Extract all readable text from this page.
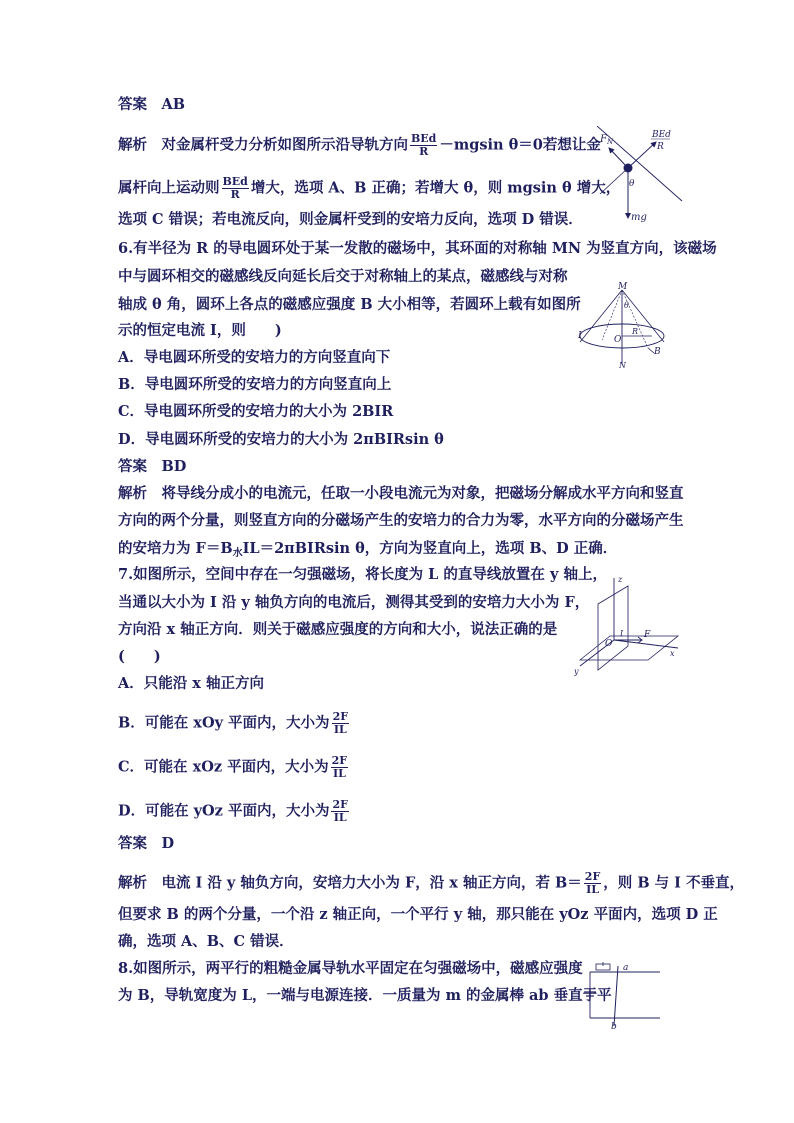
答案　AB
解析　对金属杆受力分析如图所示沿导轨方向 $\frac{\text{BEd}}{R} -mgsin$ θ＝0若想让金
属杆向上运动则 $\frac{\text{BEd}}{R}$ 增大，选项 A、B 正确；若增大 θ，则 mgsin θ 增大，
选项 C 错误；若电流反向，则金属杆受到的安培力反向，选项 D 错误．
$F_N$
BEd
R
θ
mg
6.有半径为 R 的导电圆环处于某一发散的磁场中，其环面的对称轴 MN 为竖直方向，该磁场
中与圆环相交的磁感线反向延长后交于对称轴上的某点，磁感线与对称
轴成 θ 角，圆环上各点的磁感应强度 B 大小相等，若圆环上载有如图所
示的恒定电流 I，则　　)
A．导电圆环所受的安培力的方向竖直向下
B．导电圆环所受的安培力的方向竖直向上
C．导电圆环所受的安培力的大小为 2BIR
D．导电圆环所受的安培力的大小为 2πBIRsin θ
答案　BD
解析　将导线分成小的电流元，任取一小段电流元为对象，把磁场分解成水平方向和竖直
方向的两个分量，则竖直方向的分磁场产生的安培力的合力为零，水平方向的分磁场产生
的安培力为 $F=B_水IL=2\pi BIRsin$ θ，方向为竖直向上，选项 B、D 正确．
M
θ
I	O
R
B
N
7.如图所示，空间中存在一匀强磁场，将长度为 L 的直导线放置在 y 轴上，
当通以大小为 I 沿 y 轴负方向的电流后，测得其受到的安培力大小为 F，
方向沿 x 轴正方向．则关于磁感应强度的方向和大小，说法正确的是
(　　)
A．只能沿 x 轴正方向
B．可能在 xOy 平面内，大小为 $\frac{2F}{IL}$
C．可能在 xOz 平面内，大小为 $\frac{2F}{IL}$
D．可能在 yOz 平面内，大小为 $\frac{2F}{IL}$
答案　D
解析　电流 I 沿 y 轴负方向，安培力大小为 F，沿 x 轴正方向，若 $B= \frac{2F}{IL}$ ，则 B 与 I 不垂直，
但要求 B 的两个分量，一个沿 z 轴正向，一个平行 y 轴，那只能在 yOz 平面内，选项 D 正
确，选项 A、B、C 错误．
z
x
y
O
I F
8.如图所示，两平行的粗糙金属导轨水平固定在匀强磁场中，磁感应强度
为 B，导轨宽度为 L，一端与电源连接．一质量为 m 的金属棒 ab 垂直于平
a
b
